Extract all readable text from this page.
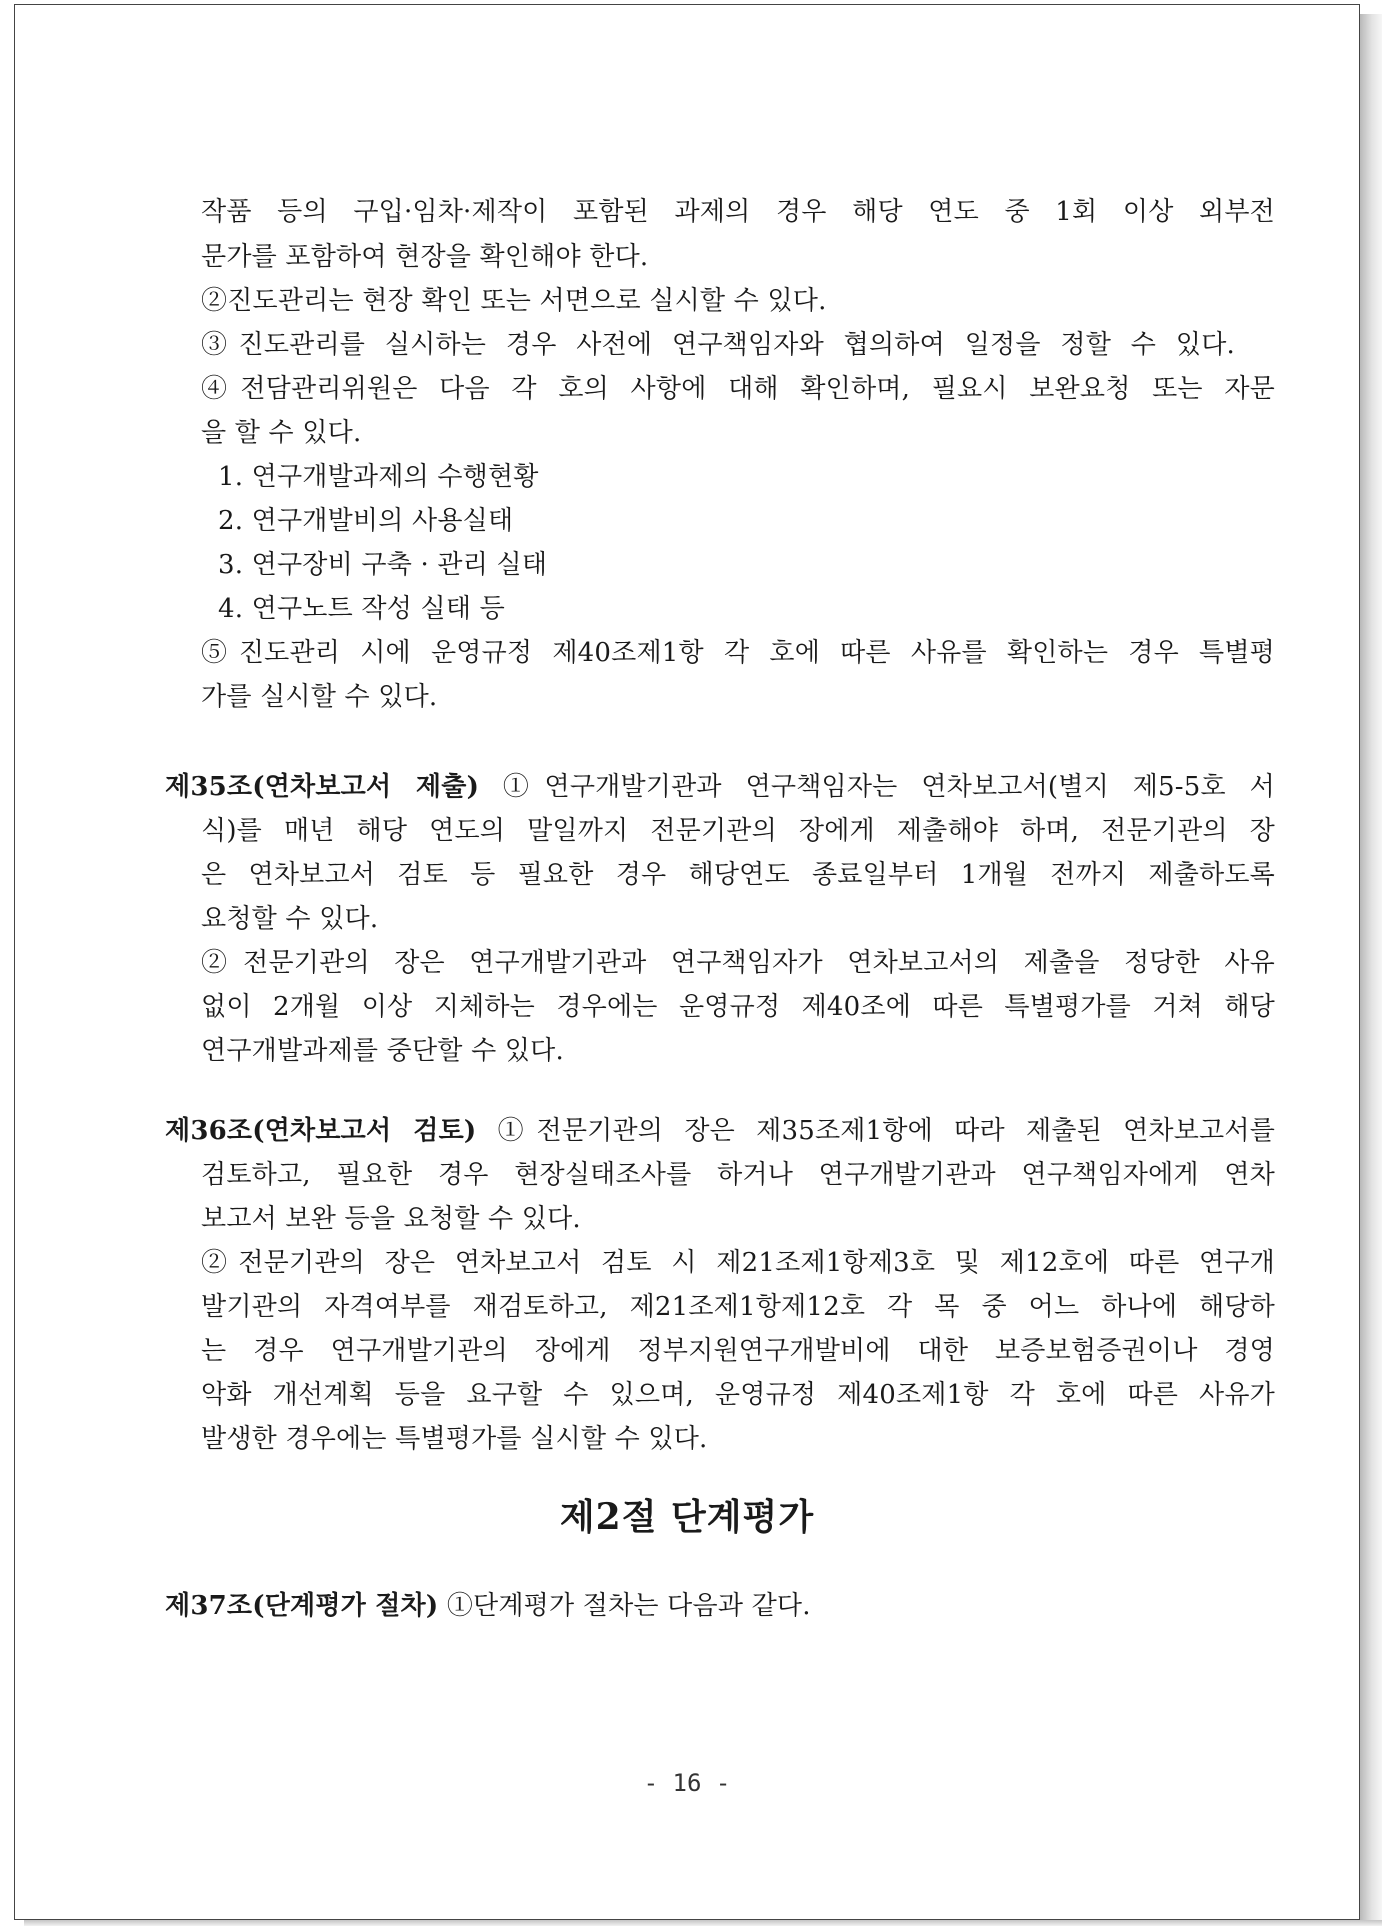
작품 등의 구입·임차·제작이 포함된 과제의 경우 해당 연도 중 1회 이상 외부전
문가를 포함하여 현장을 확인해야 한다.
②진도관리는 현장 확인 또는 서면으로 실시할 수 있다.
③진도관리를 실시하는 경우 사전에 연구책임자와 협의하여 일정을 정할 수 있다.
④전담관리위원은 다음 각 호의 사항에 대해 확인하며, 필요시 보완요청 또는 자문
을 할 수 있다.
1. 연구개발과제의 수행현황
2. 연구개발비의 사용실태
3. 연구장비 구축 · 관리 실태
4. 연구노트 작성 실태 등
⑤진도관리 시에 운영규정 제40조제1항 각 호에 따른 사유를 확인하는 경우 특별평
가를 실시할 수 있다.
제35조(연차보고서 제출) ①연구개발기관과 연구책임자는 연차보고서(별지 제5-5호 서
식)를 매년 해당 연도의 말일까지 전문기관의 장에게 제출해야 하며, 전문기관의 장
은 연차보고서 검토 등 필요한 경우 해당연도 종료일부터 1개월 전까지 제출하도록
요청할 수 있다.
②전문기관의 장은 연구개발기관과 연구책임자가 연차보고서의 제출을 정당한 사유
없이 2개월 이상 지체하는 경우에는 운영규정 제40조에 따른 특별평가를 거쳐 해당
연구개발과제를 중단할 수 있다.
제36조(연차보고서 검토) ①전문기관의 장은 제35조제1항에 따라 제출된 연차보고서를
검토하고, 필요한 경우 현장실태조사를 하거나 연구개발기관과 연구책임자에게 연차
보고서 보완 등을 요청할 수 있다.
②전문기관의 장은 연차보고서 검토 시 제21조제1항제3호 및 제12호에 따른 연구개
발기관의 자격여부를 재검토하고, 제21조제1항제12호 각 목 중 어느 하나에 해당하
는 경우 연구개발기관의 장에게 정부지원연구개발비에 대한 보증보험증권이나 경영
악화 개선계획 등을 요구할 수 있으며, 운영규정 제40조제1항 각 호에 따른 사유가
발생한 경우에는 특별평가를 실시할 수 있다.
제2절 단계평가
제37조(단계평가 절차) ①단계평가 절차는 다음과 같다.
- 16 -
